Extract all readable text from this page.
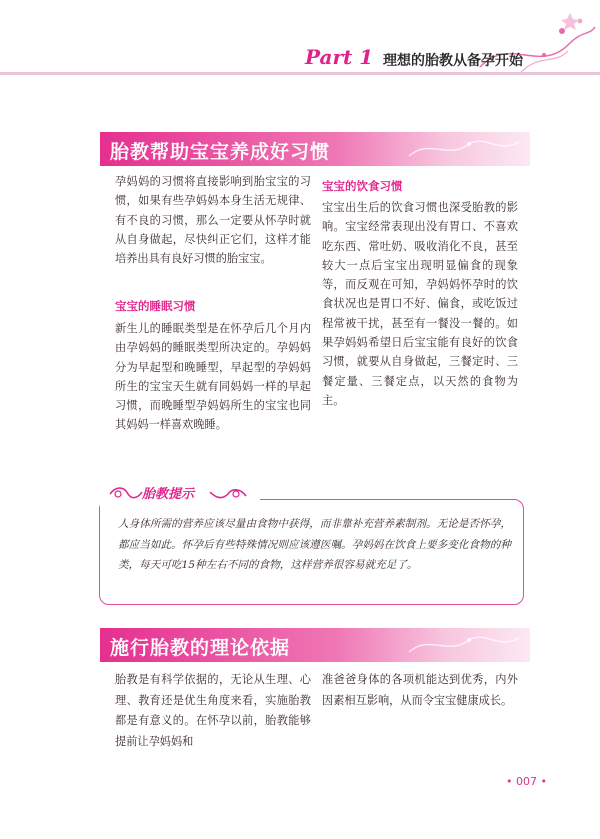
Part 1 理想的胎教从备孕开始
胎教帮助宝宝养成好习惯

孕妈妈的习惯将直接影响到胎宝宝的习惯，如果有些孕妈妈本身生活无规律、有不良的习惯，那么一定要从怀孕时就从自身做起，尽快纠正它们，这样才能培养出具有良好习惯的胎宝宝。

宝宝的睡眠习惯

新生儿的睡眠类型是在怀孕后几个月内由孕妈妈的睡眠类型所决定的。孕妈妈分为早起型和晚睡型，早起型的孕妈妈所生的宝宝天生就有同妈妈一样的早起习惯，而晚睡型孕妈妈所生的宝宝也同其妈妈一样喜欢晚睡。

宝宝的饮食习惯

宝宝出生后的饮食习惯也深受胎教的影响。宝宝经常表现出没有胃口、不喜欢吃东西、常吐奶、吸收消化不良，甚至较大一点后宝宝出现明显偏食的现象等，而反观在可知，孕妈妈怀孕时的饮食状况也是胃口不好、偏食，或吃饭过程常被干扰，甚至有一餐没一餐的。如果孕妈妈希望日后宝宝能有良好的饮食习惯，就要从自身做起，三餐定时、三餐定量、三餐定点，以天然的食物为主。

胎教提示

人身体所需的营养应该尽量由食物中获得，而非靠补充营养素制剂。无论是否怀孕，都应当如此。怀孕后有些特殊情况则应该遵医嘱。孕妈妈在饮食上要多变化食物的种类，每天可吃15种左右不同的食物，这样营养很容易就充足了。

施行胎教的理论依据

胎教是有科学依据的，无论从生理、心理、教育还是优生角度来看，实施胎教都是有意义的。在怀孕以前，胎教能够提前让孕妈妈和

准爸爸身体的各项机能达到优秀，内外因素相互影响，从而令宝宝健康成长。

• 007 •
